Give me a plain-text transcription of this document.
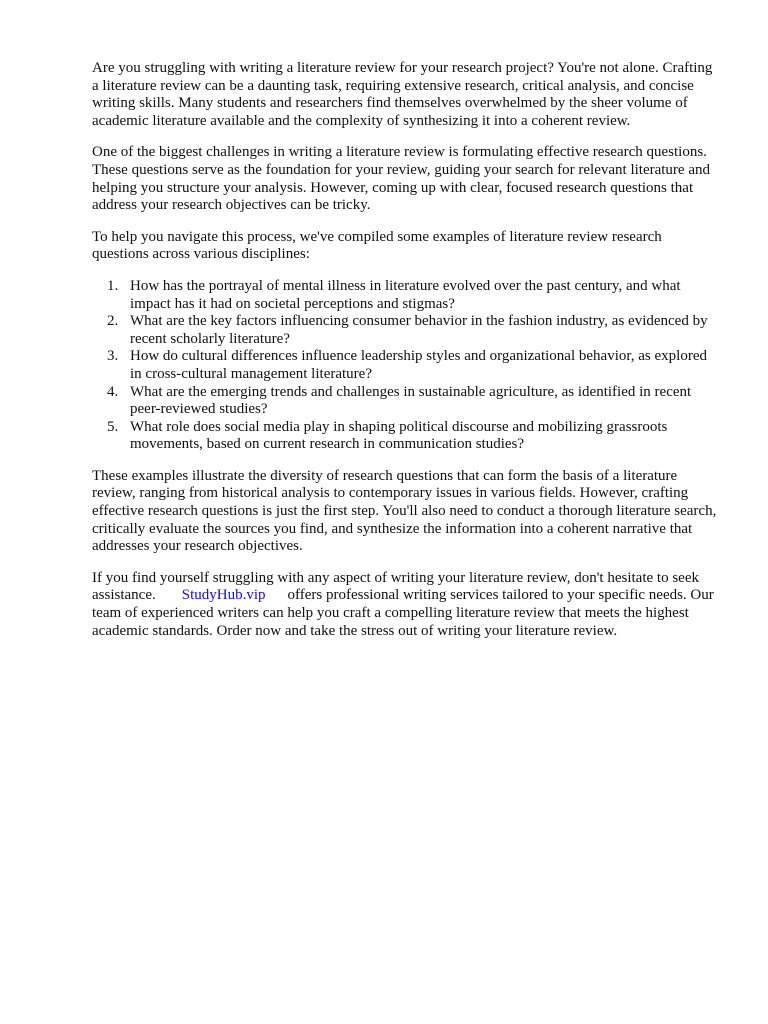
Are you struggling with writing a literature review for your research project? You're not alone. Crafting a literature review can be a daunting task, requiring extensive research, critical analysis, and concise writing skills. Many students and researchers find themselves overwhelmed by the sheer volume of academic literature available and the complexity of synthesizing it into a coherent review.

One of the biggest challenges in writing a literature review is formulating effective research questions. These questions serve as the foundation for your review, guiding your search for relevant literature and helping you structure your analysis. However, coming up with clear, focused research questions that address your research objectives can be tricky.

To help you navigate this process, we've compiled some examples of literature review research questions across various disciplines:

1. How has the portrayal of mental illness in literature evolved over the past century, and what impact has it had on societal perceptions and stigmas?
2. What are the key factors influencing consumer behavior in the fashion industry, as evidenced by recent scholarly literature?
3. How do cultural differences influence leadership styles and organizational behavior, as explored in cross-cultural management literature?
4. What are the emerging trends and challenges in sustainable agriculture, as identified in recent peer-reviewed studies?
5. What role does social media play in shaping political discourse and mobilizing grassroots movements, based on current research in communication studies?

These examples illustrate the diversity of research questions that can form the basis of a literature review, ranging from historical analysis to contemporary issues in various fields. However, crafting effective research questions is just the first step. You'll also need to conduct a thorough literature search, critically evaluate the sources you find, and synthesize the information into a coherent narrative that addresses your research objectives.

If you find yourself struggling with any aspect of writing your literature review, don't hesitate to seek assistance. StudyHub.vip offers professional writing services tailored to your specific needs. Our team of experienced writers can help you craft a compelling literature review that meets the highest academic standards. Order now and take the stress out of writing your literature review.
